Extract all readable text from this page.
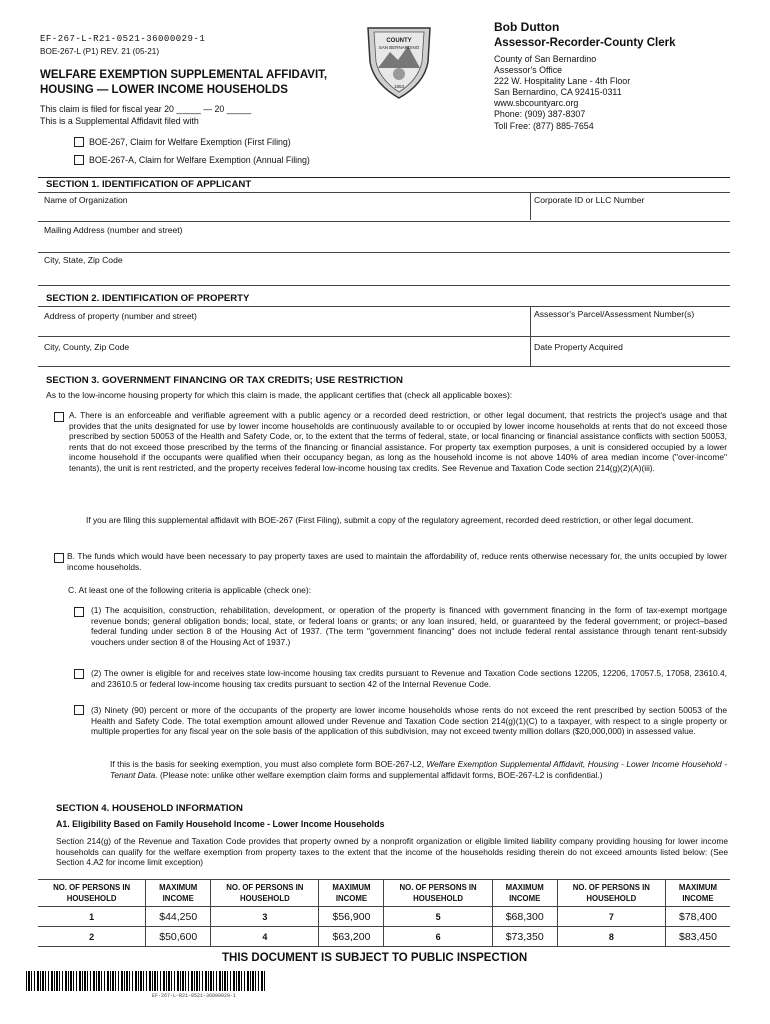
EF-267-L-R21-0521-36000029-1
BOE-267-L (P1) REV. 21 (05-21)
WELFARE EXEMPTION SUPPLEMENTAL AFFIDAVIT,
HOUSING — LOWER INCOME HOUSEHOLDS
This claim is filed for fiscal year 20 _____ — 20 _____
This is a Supplemental Affidavit filed with
BOE-267, Claim for Welfare Exemption (First Filing)
BOE-267-A, Claim for Welfare Exemption (Annual Filing)
COUNTY
SAN BERNARDINO
1853
Bob Dutton
Assessor-Recorder-County Clerk
County of San Bernardino
Assessor's Office
222 W. Hospitality Lane - 4th Floor
San Bernardino, CA 92415-0311
www.sbcountyarc.org
Phone: (909) 387-8307
Toll Free: (877) 885-7654
SECTION 1. IDENTIFICATION OF APPLICANT
Name of Organization	Corporate ID or LLC Number
Mailing Address (number and street)
City, State, Zip Code
SECTION 2. IDENTIFICATION OF PROPERTY
Address of property (number and street)	Assessor's Parcel/Assessment Number(s)
City, County, Zip Code	Date Property Acquired
SECTION 3. GOVERNMENT FINANCING OR TAX CREDITS; USE RESTRICTION
As to the low-income housing property for which this claim is made, the applicant certifies that (check all applicable boxes):
A. There is an enforceable and verifiable agreement with a public agency or a recorded deed restriction, or other legal document, that restricts the project's usage and that provides that the units designated for use by lower income households are continuously available to or occupied by lower income households at rents that do not exceed those prescribed by section 50053 of the Health and Safety Code, or, to the extent that the terms of federal, state, or local financing or financial assistance conflicts with section 50053, rents that do not exceed those prescribed by the terms of the financing or financial assistance. For property tax exemption purposes, a unit is considered occupied by a lower income household if the occupants were qualified when their occupancy began, as long as the household income is not above 140% of area median income ("over-income" tenants), the unit is rent restricted, and the property receives federal low-income housing tax credits. See Revenue and Taxation Code section 214(g)(2)(A)(iii).
If you are filing this supplemental affidavit with BOE-267 (First Filing), submit a copy of the regulatory agreement, recorded deed restriction, or other legal document.
B. The funds which would have been necessary to pay property taxes are used to maintain the affordability of, reduce rents otherwise necessary for, the units occupied by lower income households.
C. At least one of the following criteria is applicable (check one):
(1) The acquisition, construction, rehabilitation, development, or operation of the property is financed with government financing in the form of tax-exempt mortgage revenue bonds; general obligation bonds; local, state, or federal loans or grants; or any loan insured, held, or guaranteed by the federal government; or project–based federal funding under section 8 of the Housing Act of 1937. (The term "government financing" does not include federal rental assistance through tenant rent-subsidy vouchers under section 8 of the Housing Act of 1937.)
(2) The owner is eligible for and receives state low-income housing tax credits pursuant to Revenue and Taxation Code sections 12205, 12206, 17057.5, 17058, 23610.4, and 23610.5 or federal low-income housing tax credits pursuant to section 42 of the Internal Revenue Code.
(3) Ninety (90) percent or more of the occupants of the property are lower income households whose rents do not exceed the rent prescribed by section 50053 of the Health and Safety Code. The total exemption amount allowed under Revenue and Taxation Code section 214(g)(1)(C) to a taxpayer, with respect to a single property or multiple properties for any fiscal year on the sole basis of the application of this subdivision, may not exceed twenty million dollars ($20,000,000) in assessed value.
If this is the basis for seeking exemption, you must also complete form BOE-267-L2, Welfare Exemption Supplemental Affidavit, Housing - Lower Income Household - Tenant Data. (Please note: unlike other welfare exemption claim forms and supplemental affidavit forms, BOE-267-L2 is confidential.)
SECTION 4. HOUSEHOLD INFORMATION
A1. Eligibility Based on Family Household Income - Lower Income Households
Section 214(g) of the Revenue and Taxation Code provides that property owned by a nonprofit organization or eligible limited liability company providing housing for lower income households can qualify for the welfare exemption from property taxes to the extent that the income of the households residing therein do not exceed amounts listed below: (See Section 4.A2 for income limit exception)
NO. OF PERSONS IN HOUSEHOLD	MAXIMUM INCOME	NO. OF PERSONS IN HOUSEHOLD	MAXIMUM INCOME	NO. OF PERSONS IN HOUSEHOLD	MAXIMUM INCOME	NO. OF PERSONS IN HOUSEHOLD	MAXIMUM INCOME
1	$44,250	3	$56,900	5	$68,300	7	$78,400
2	$50,600	4	$63,200	6	$73,350	8	$83,450
THIS DOCUMENT IS SUBJECT TO PUBLIC INSPECTION
EF-267-L-R21-0521-36000029-1
